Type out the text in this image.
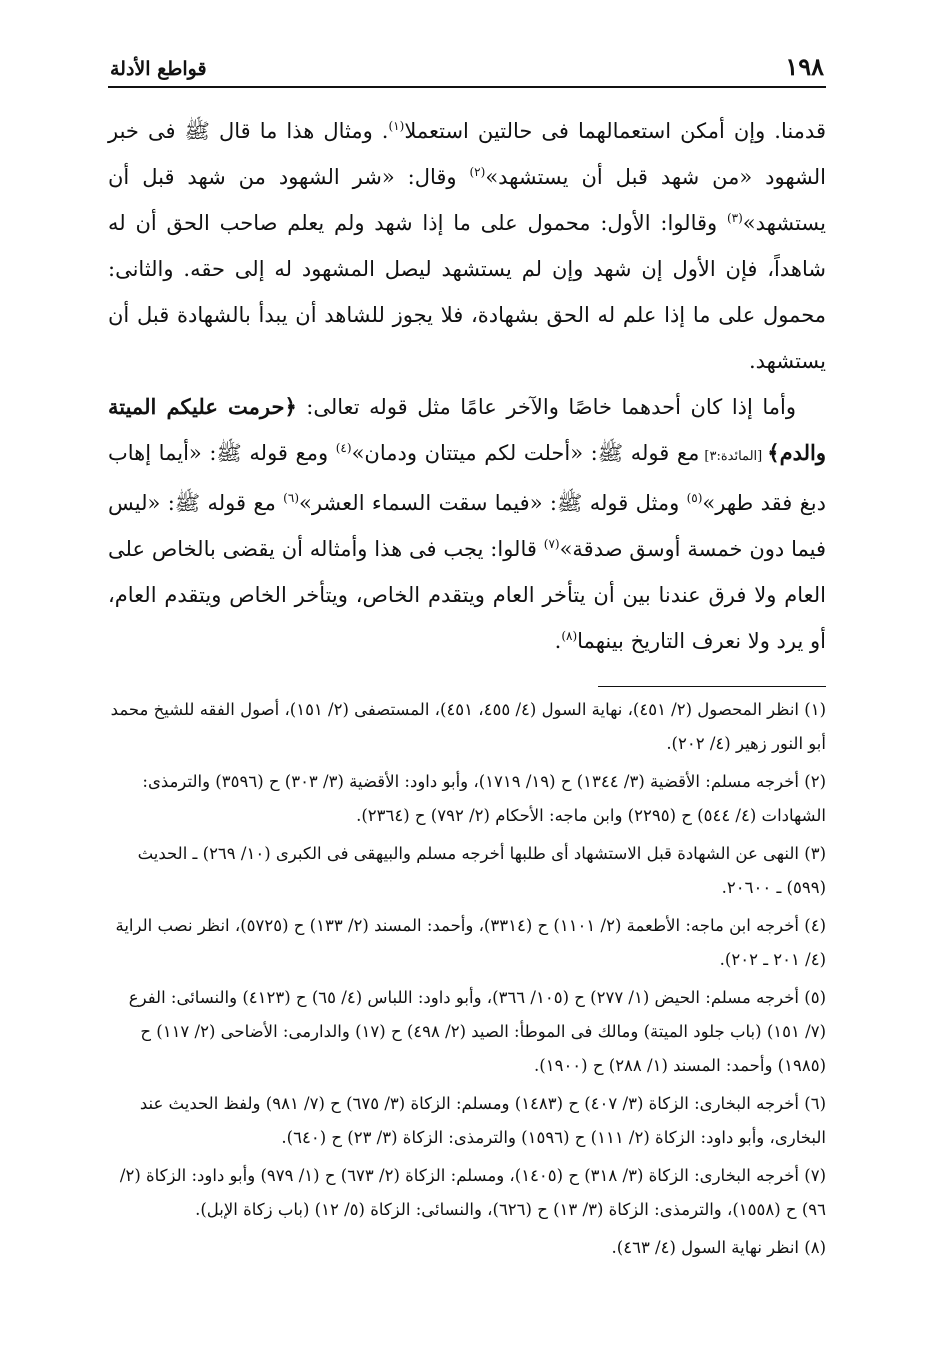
١٩٨
قواطع الأدلة

قدمنا. وإن أمكن استعمالهما فى حالتين استعملا$^{(١)}$. ومثال هذا ما قال ﷺ فى خبر الشهود «من شهد قبل أن يستشهد»$^{(٢)}$ وقال: «شر الشهود من شهد قبل أن يستشهد»$^{(٣)}$ وقالوا: الأول: محمول على ما إذا شهد ولم يعلم صاحب الحق أن له شاهداً، فإن الأول إن شهد وإن لم يستشهد ليصل المشهود له إلى حقه. والثانى: محمول على ما إذا علم له الحق بشهادة، فلا يجوز للشاهد أن يبدأ بالشهادة قبل أن يستشهد.

وأما إذا كان أحدهما خاصًا والآخر عامًا مثل قوله تعالى: ﴿حرمت عليكم الميتة والدم﴾ [المائدة:٣] مع قوله ﷺ: «أحلت لكم ميتتان ودمان»$^{(٤)}$ ومع قوله ﷺ: «أيما إهاب دبغ فقد طهر»$^{(٥)}$ ومثل قوله ﷺ: «فيما سقت السماء العشر»$^{(٦)}$ مع قوله ﷺ: «ليس فيما دون خمسة أوسق صدقة»$^{(٧)}$ قالوا: يجب فى هذا وأمثاله أن يقضى بالخاص على العام ولا فرق عندنا بين أن يتأخر العام ويتقدم الخاص، ويتأخر الخاص ويتقدم العام، أو يرد ولا نعرف التاريخ بينهما$^{(٨)}$.

(١) انظر المحصول (٢/ ٤٥١)، نهاية السول (٤/ ٤٥٥، ٤٥١)، المستصفى (٢/ ١٥١)، أصول الفقه للشيخ محمد أبو النور زهير (٤/ ٢٠٢).

(٢) أخرجه مسلم: الأقضية (٣/ ١٣٤٤) ح (١٩/ ١٧١٩)، وأبو داود: الأقضية (٣/ ٣٠٣) ح (٣٥٩٦) والترمذى: الشهادات (٤/ ٥٤٤) ح (٢٢٩٥) وابن ماجه: الأحكام (٢/ ٧٩٢) ح (٢٣٦٤).

(٣) النهى عن الشهادة قبل الاستشهاد أى طلبها أخرجه مسلم والبيهقى فى الكبرى (١٠/ ٢٦٩) ـ الحديث (٥٩٩) ـ ٢٠٦٠٠.

(٤) أخرجه ابن ماجه: الأطعمة (٢/ ١١٠١) ح (٣٣١٤)، وأحمد: المسند (٢/ ١٣٣) ح (٥٧٢٥)، انظر نصب الراية (٤/ ٢٠١ ـ ٢٠٢).

(٥) أخرجه مسلم: الحيض (١/ ٢٧٧) ح (١٠٥/ ٣٦٦)، وأبو داود: اللباس (٤/ ٦٥) ح (٤١٢٣) والنسائى: الفرع (٧/ ١٥١) (باب جلود الميتة) ومالك فى الموطأ: الصيد (٢/ ٤٩٨) ح (١٧) والدارمى: الأضاحى (٢/ ١١٧) ح (١٩٨٥) وأحمد: المسند (١/ ٢٨٨) ح (١٩٠٠).

(٦) أخرجه البخارى: الزكاة (٣/ ٤٠٧) ح (١٤٨٣) ومسلم: الزكاة (٣/ ٦٧٥) ح (٧/ ٩٨١) ولفظ الحديث عند البخارى، وأبو داود: الزكاة (٢/ ١١١) ح (١٥٩٦) والترمذى: الزكاة (٣/ ٢٣) ح (٦٤٠).

(٧) أخرجه البخارى: الزكاة (٣/ ٣١٨) ح (١٤٠٥)، ومسلم: الزكاة (٢/ ٦٧٣) ح (١/ ٩٧٩) وأبو داود: الزكاة (٢/ ٩٦) ح (١٥٥٨)، والترمذى: الزكاة (٣/ ١٣) ح (٦٢٦)، والنسائى: الزكاة (٥/ ١٢) (باب زكاة الإبل).

(٨) انظر نهاية السول (٤/ ٤٦٣).
